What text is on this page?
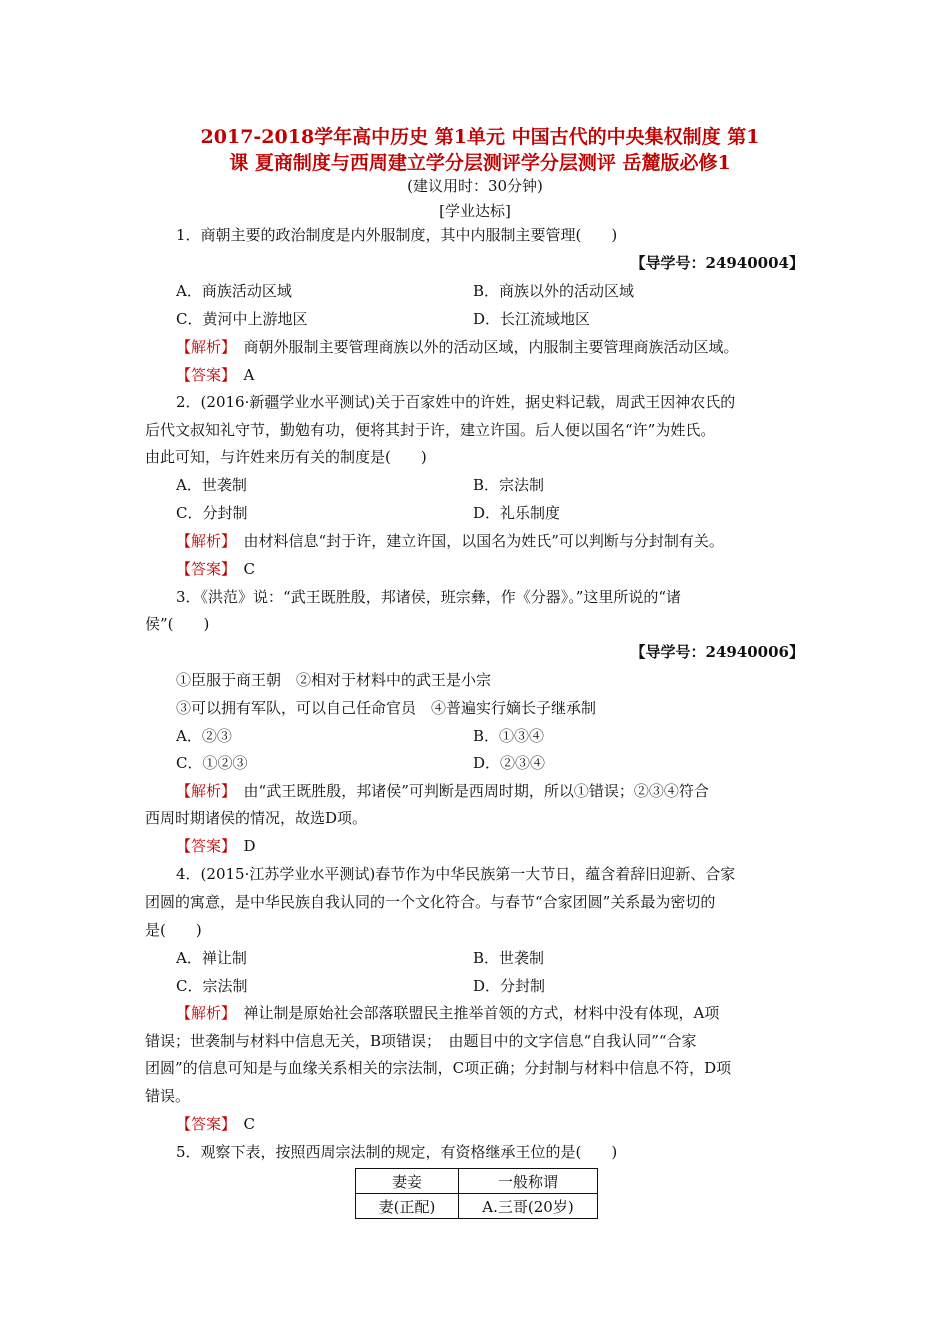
2017-2018学年高中历史 第1单元 中国古代的中央集权制度 第1
课 夏商制度与西周建立学分层测评学分层测评 岳麓版必修1
(建议用时：30分钟)
[学业达标]
1．商朝主要的政治制度是内外服制度，其中内服制主要管理(　　)
【导学号：24940004】
A．商族活动区域	B．商族以外的活动区域
C．黄河中上游地区	D．长江流域地区
【解析】　 商朝外服制主要管理商族以外的活动区域，内服制主要管理商族活动区域。
【答案】　 A
2．(2016·新疆学业水平测试)关于百家姓中的许姓，据史料记载，周武王因神农氏的
后代文叔知礼守节，勤勉有功，便将其封于许，建立许国。后人便以国名“许”为姓氏。
由此可知，与许姓来历有关的制度是(　　)
A．世袭制	B．宗法制
C．分封制	D．礼乐制度
【解析】　 由材料信息“封于许，建立许国，以国名为姓氏”可以判断与分封制有关。
【答案】　 C
3．《洪范》说：“武王既胜殷，邦诸侯，班宗彝，作《分器》。”这里所说的“诸
侯”(　　)
【导学号：24940006】
①臣服于商王朝　②相对于材料中的武王是小宗
③可以拥有军队，可以自己任命官员　④普遍实行嫡长子继承制
A．②③	B．①③④
C．①②③	D．②③④
【解析】　 由“武王既胜殷，邦诸侯”可判断是西周时期，所以①错误；②③④符合
西周时期诸侯的情况，故选D项。
【答案】　 D
4．(2015·江苏学业水平测试)春节作为中华民族第一大节日，蕴含着辞旧迎新、合家
团圆的寓意，是中华民族自我认同的一个文化符合。与春节“合家团圆”关系最为密切的
是(　　)
A．禅让制	B．世袭制
C．宗法制	D．分封制
【解析】　 禅让制是原始社会部落联盟民主推举首领的方式，材料中没有体现，A项
错误；世袭制与材料中信息无关，B项错误；　由题目中的文字信息“自我认同”“合家
团圆”的信息可知是与血缘关系相关的宗法制，C项正确；分封制与材料中信息不符，D项
错误。
【答案】　 C
5．观察下表，按照西周宗法制的规定，有资格继承王位的是(　　)
妻妾	一般称谓
妻(正配)	A.三哥(20岁)
